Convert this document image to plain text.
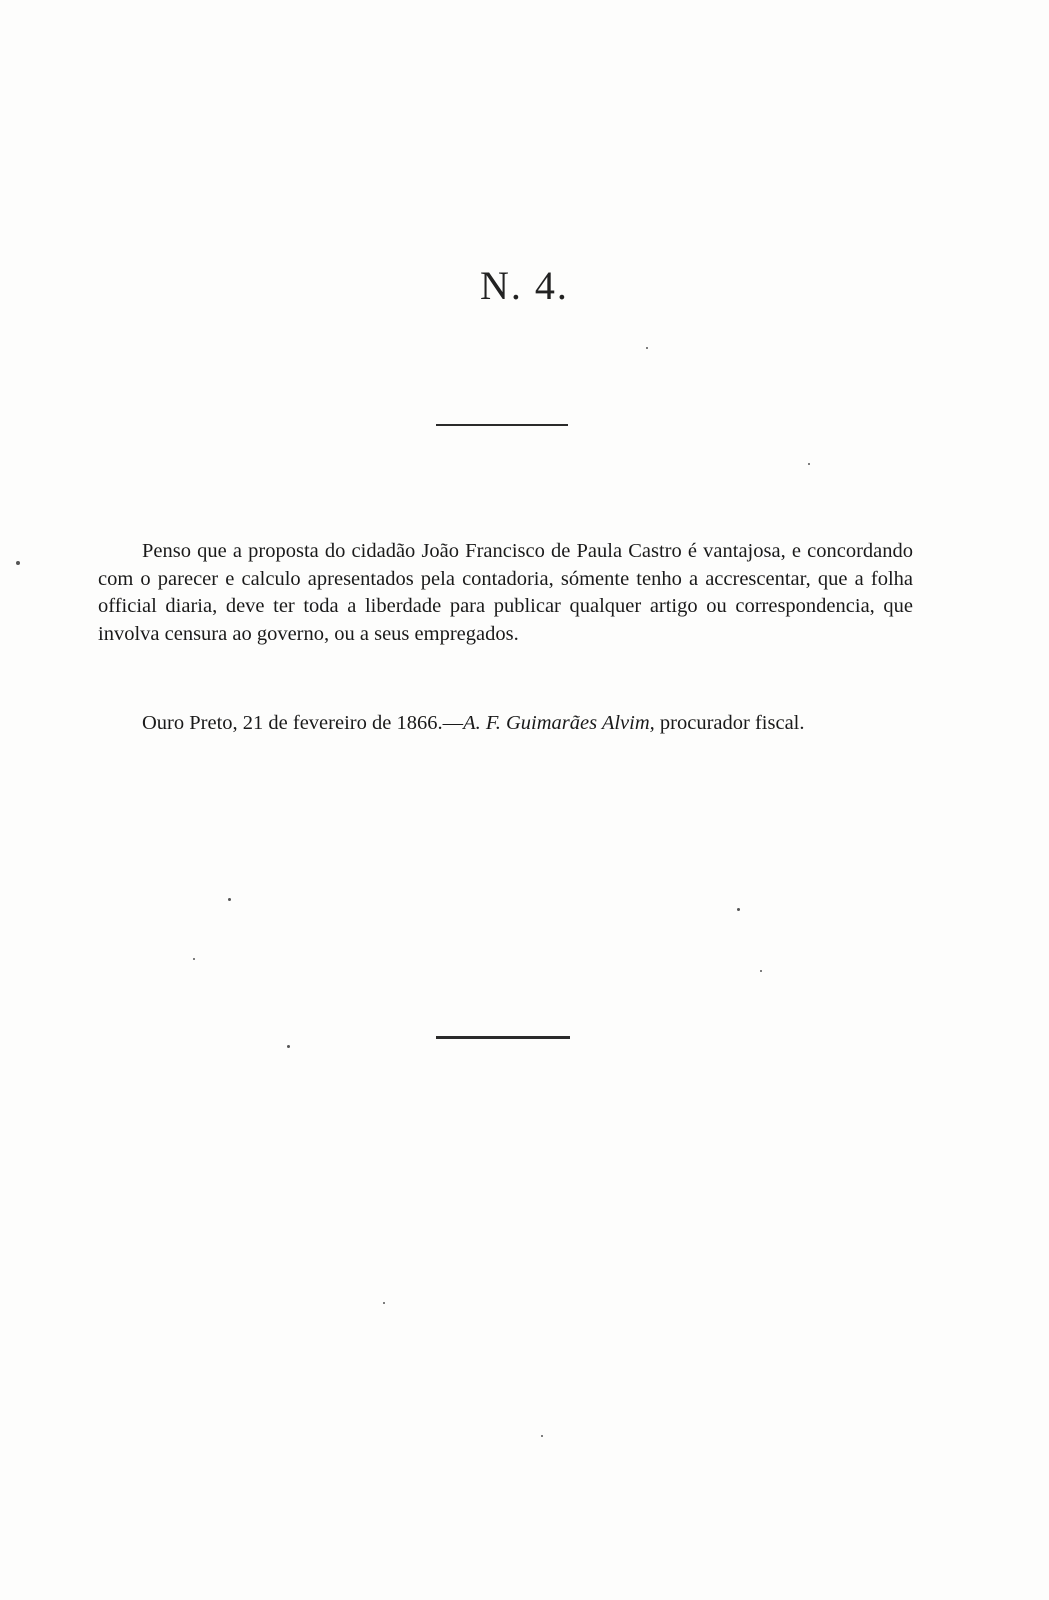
N. 4.

Penso que a proposta do cidadão João Francisco de Paula Castro é vantajosa, e concordando com o parecer e calculo apresentados pela contadoria, sómente tenho a accrescentar, que a folha official diaria, deve ter toda a liberdade para publicar qualquer artigo ou correspondencia, que involva censura ao governo, ou a seus empregados.

Ouro Preto, 21 de fevereiro de 1866.—A. F. Guimarães Alvim, procurador fiscal.
